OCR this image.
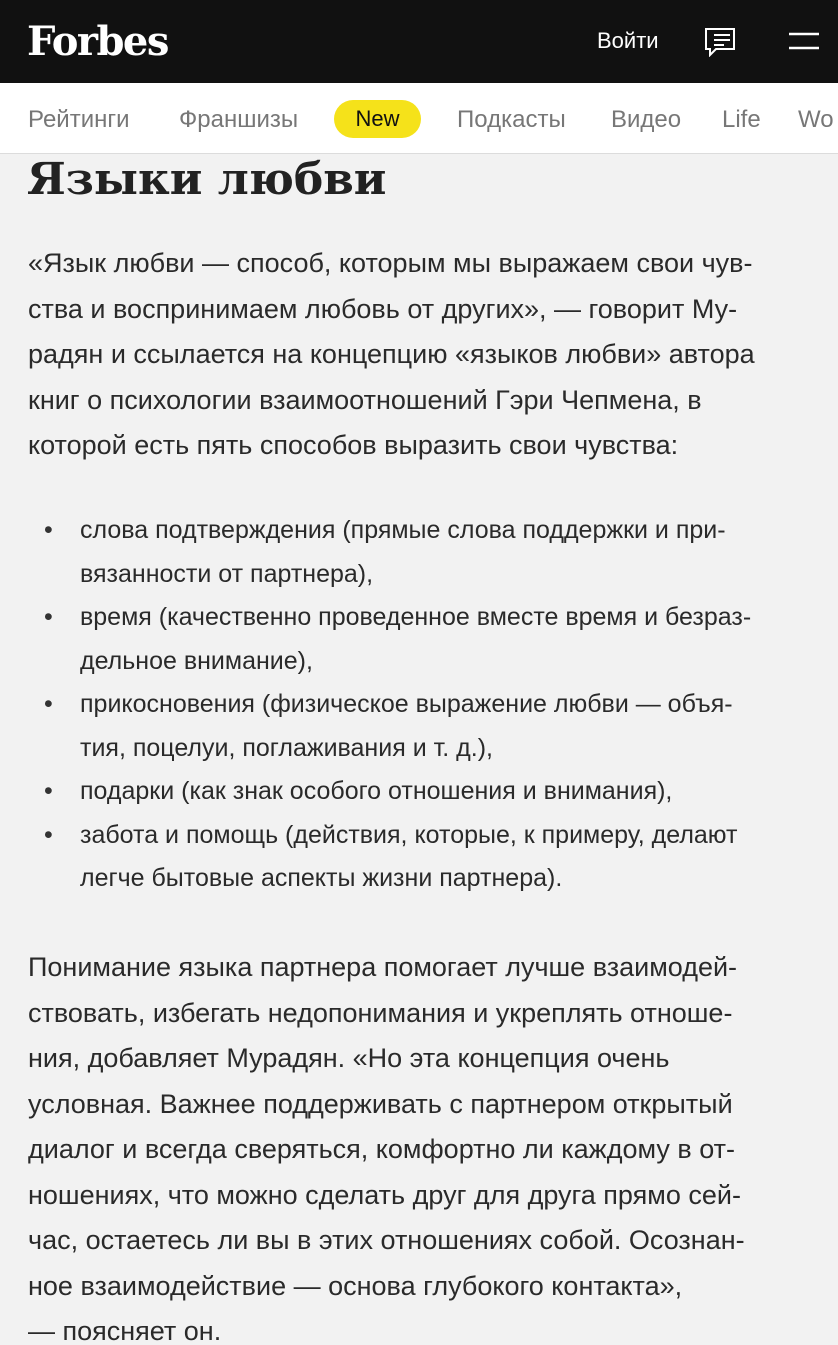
Forbes	Войти
Рейтинги Франшизы	New	Подкасты Видео Life Wo
Языки любви
«Язык любви — способ, которым мы выражаем свои чув-
ства и воспринимаем любовь от других», — говорит Му-
радян и ссылается на концепцию «языков любви» автора
книг о психологии взаимоотношений Гэри Чепмена, в
которой есть пять способов выразить свои чувства:
•	слова подтверждения (прямые слова поддержки и при-
вязанности от партнера),
•	время (качественно проведенное вместе время и безраз-
дельное внимание),
•	прикосновения (физическое выражение любви — объя-
тия, поцелуи, поглаживания и т. д.),
•	подарки (как знак особого отношения и внимания),
•	забота и помощь (действия, которые, к примеру, делают
легче бытовые аспекты жизни партнера).
Понимание языка партнера помогает лучше взаимодей-
ствовать, избегать недопонимания и укреплять отноше-
ния, добавляет Мурадян. «Но эта концепция очень
условная. Важнее поддерживать с партнером открытый
диалог и всегда сверяться, комфортно ли каждому в от-
ношениях, что можно сделать друг для друга прямо сей-
час, остаетесь ли вы в этих отношениях собой. Осознан-
ное взаимодействие — основа глубокого контакта»,
— поясняет он.
